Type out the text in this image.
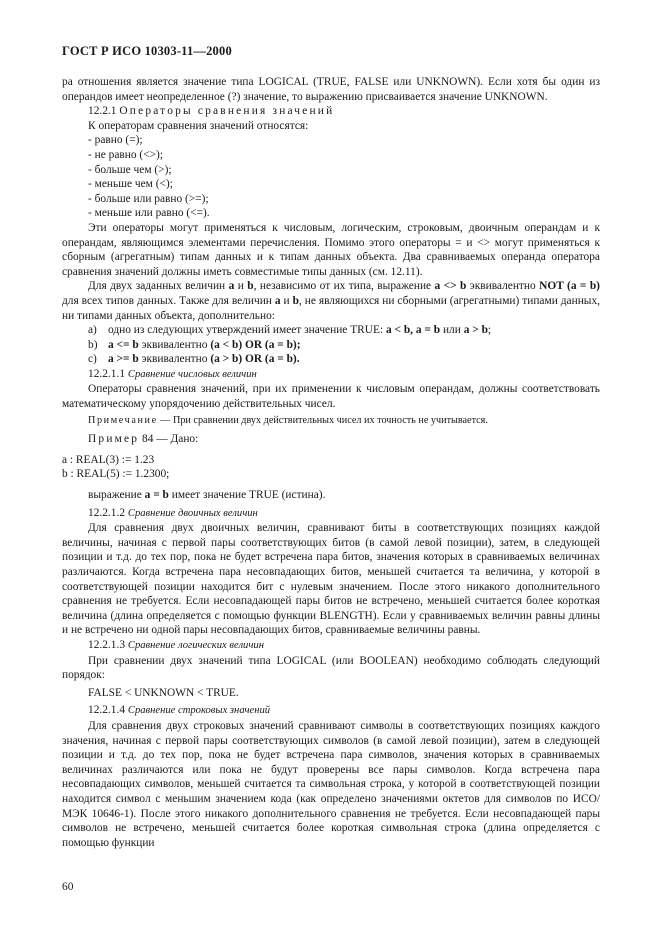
ГОСТ Р ИСО 10303-11—2000

ра отношения является значение типа LOGICAL (TRUE, FALSE или UNKNOWN). Если хотя бы один из операндов имеет неопределенное (?) значение, то выражению присваивается значение UNKNOWN.

12.2.1 Операторы сравнения значений

К операторам сравнения значений относятся:

- равно (=);

- не равно (<>);

- больше чем (>);

- меньше чем (<);

- больше или равно (>=);

- меньше или равно (<=).

Эти операторы могут применяться к числовым, логическим, строковым, двоичным операндам и к операндам, являющимся элементами перечисления. Помимо этого операторы = и <> могут применяться к сборным (агрегатным) типам данных и к типам данных объекта. Два сравниваемых операнда оператора сравнения значений должны иметь совместимые типы данных (см. 12.11).

Для двух заданных величин a и b, независимо от их типа, выражение a <> b эквивалентно NOT (a = b) для всех типов данных. Также для величин a и b, не являющихся ни сборными (агрегатными) типами данных, ни типами данных объекта, дополнительно:

a) одно из следующих утверждений имеет значение TRUE: a < b, a = b или a > b;

b) a <= b эквивалентно (a < b) OR (a = b);

c) a >= b эквивалентно (a > b) OR (a = b).

12.2.1.1 Сравнение числовых величин

Операторы сравнения значений, при их применении к числовым операндам, должны соответствовать математическому упорядочению действительных чисел.

Примечание — При сравнении двух действительных чисел их точность не учитывается.

Пример 84 — Дано:

a : REAL(3) := 1.23

b : REAL(5) := 1.2300;

выражение a = b имеет значение TRUE (истина).

12.2.1.2 Сравнение двоичных величин

Для сравнения двух двоичных величин, сравнивают биты в соответствующих позициях каждой величины, начиная с первой пары соответствующих битов (в самой левой позиции), затем, в следующей позиции и т.д. до тех пор, пока не будет встречена пара битов, значения которых в сравниваемых величинах различаются. Когда встречена пара несовпадающих битов, меньшей считается та величина, у которой в соответствующей позиции находится бит с нулевым значением. После этого никакого дополнительного сравнения не требуется. Если несовпадающей пары битов не встречено, меньшей считается более короткая величина (длина определяется с помощью функции BLENGTH). Если у сравниваемых величин равны длины и не встречено ни одной пары несовпадающих битов, сравниваемые величины равны.

12.2.1.3 Сравнение логических величин

При сравнении двух значений типа LOGICAL (или BOOLEAN) необходимо соблюдать следующий порядок:

FALSE < UNKNOWN < TRUE.

12.2.1.4 Сравнение строковых значений

Для сравнения двух строковых значений сравнивают символы в соответствующих позициях каждого значения, начиная с первой пары соответствующих символов (в самой левой позиции), затем в следующей позиции и т.д. до тех пор, пока не будет встречена пара символов, значения которых в сравниваемых величинах различаются или пока не будут проверены все пары символов. Когда встречена пара несовпадающих символов, меньшей считается та символьная строка, у которой в соответствующей позиции находится символ с меньшим значением кода (как определено значениями октетов для символов по ИСО/МЭК 10646-1). После этого никакого дополнительного сравнения не требуется. Если несовпадающей пары символов не встречено, меньшей считается более короткая символьная строка (длина определяется с помощью функции

60
